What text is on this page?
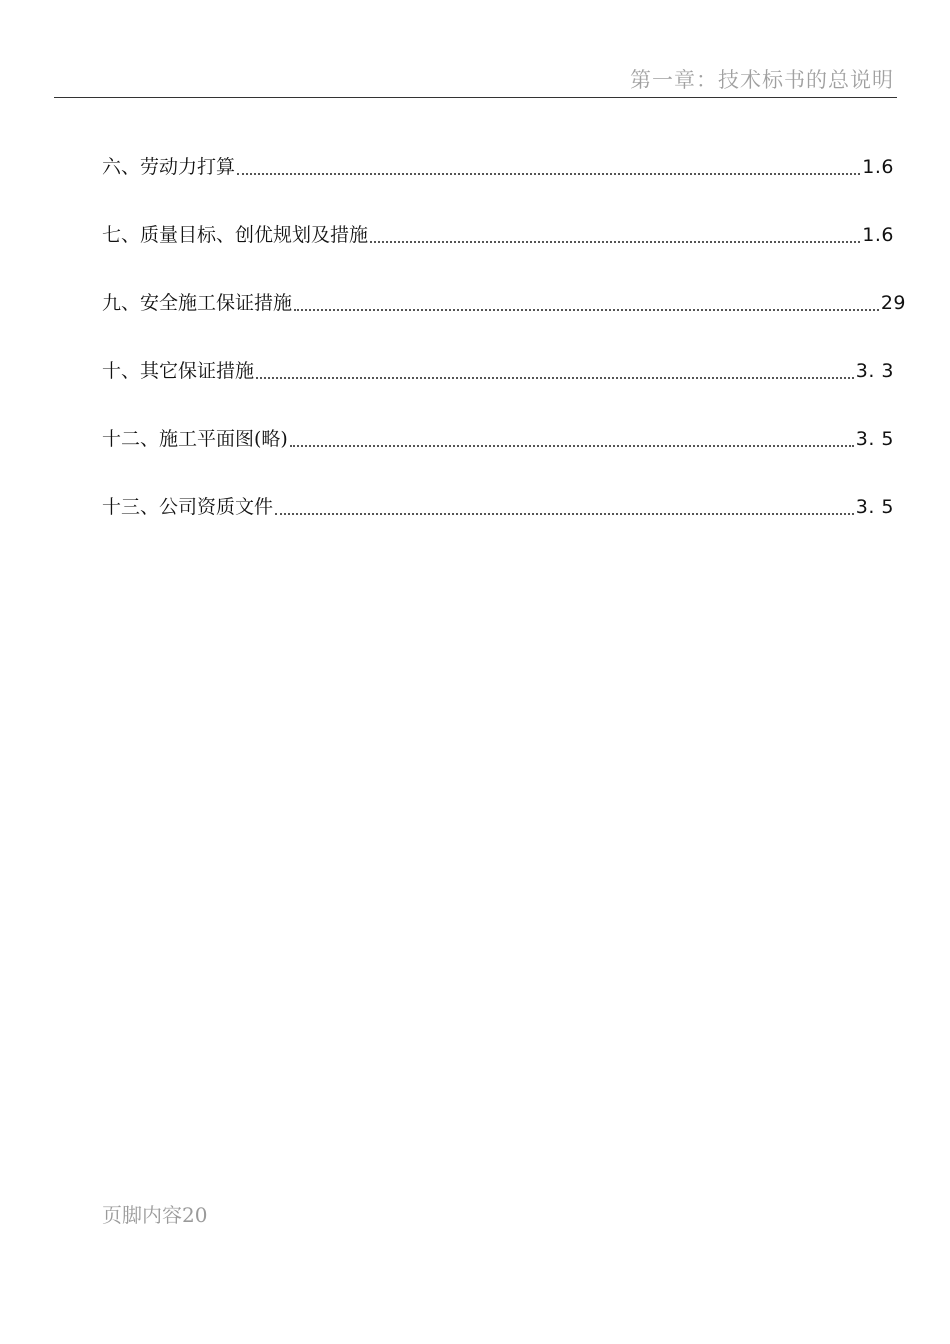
第一章：技术标书的总说明
六、劳动力打算	1.6
七、质量目标、创优规划及措施	1.6
九、安全施工保证措施	29
十、其它保证措施	3. 3
十二、施工平面图(略)	3. 5
十三、公司资质文件	3. 5
页脚内容20
